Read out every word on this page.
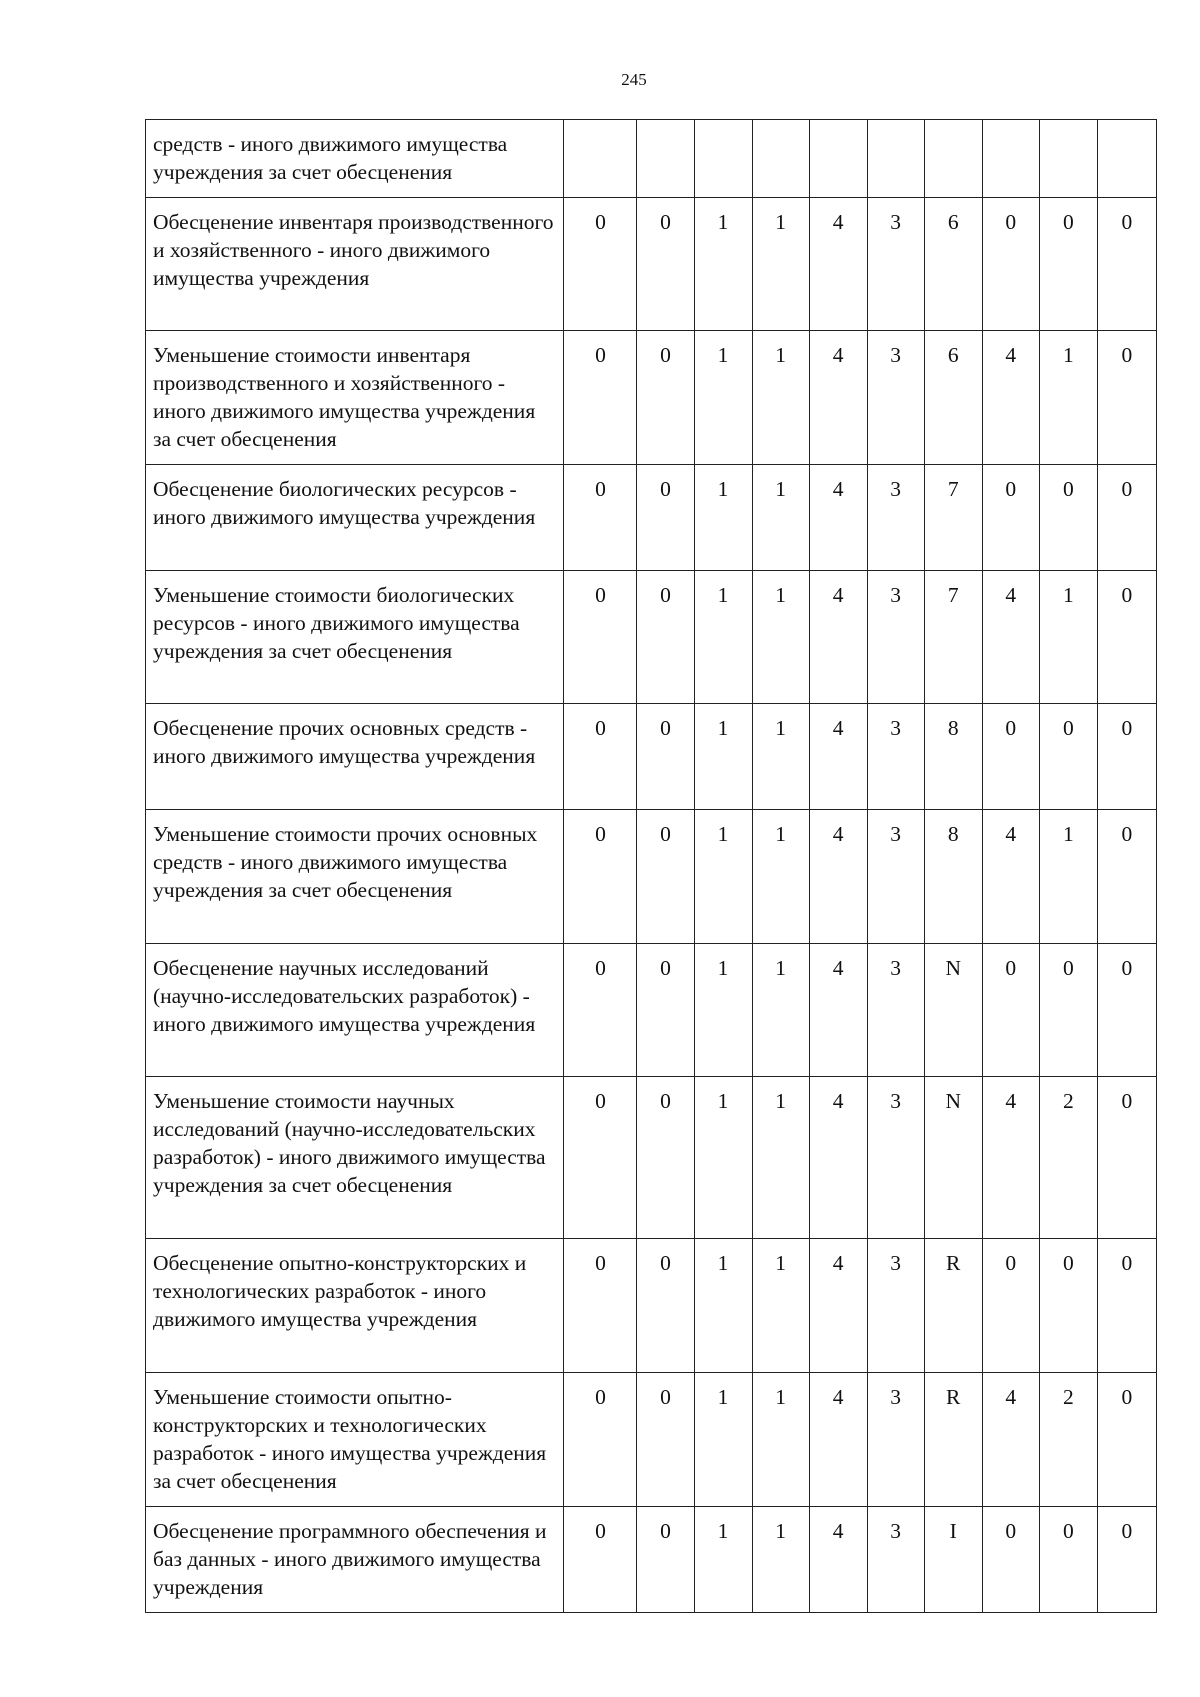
245
средств - иного движимого имущества учреждения за счет обесценения										
Обесценение инвентаря производственного и хозяйственного - иного движимого имущества учреждения	0	0	1	1	4	3	6	0	0	0
Уменьшение стоимости инвентаря производственного и хозяйственного - иного движимого имущества учреждения за счет обесценения	0	0	1	1	4	3	6	4	1	0
Обесценение биологических ресурсов - иного движимого имущества учреждения	0	0	1	1	4	3	7	0	0	0
Уменьшение стоимости биологических ресурсов - иного движимого имущества учреждения за счет обесценения	0	0	1	1	4	3	7	4	1	0
Обесценение прочих основных средств - иного движимого имущества учреждения	0	0	1	1	4	3	8	0	0	0
Уменьшение стоимости прочих основных средств - иного движимого имущества учреждения за счет обесценения	0	0	1	1	4	3	8	4	1	0
Обесценение научных исследований (научно-исследовательских разработок) - иного движимого имущества учреждения	0	0	1	1	4	3	N	0	0	0
Уменьшение стоимости научных исследований (научно-исследовательских разработок) - иного движимого имущества учреждения за счет обесценения	0	0	1	1	4	3	N	4	2	0
Обесценение опытно-конструкторских и технологических разработок - иного движимого имущества учреждения	0	0	1	1	4	3	R	0	0	0
Уменьшение стоимости опытно-конструкторских и технологических разработок - иного имущества учреждения за счет обесценения	0	0	1	1	4	3	R	4	2	0
Обесценение программного обеспечения и баз данных - иного движимого имущества учреждения	0	0	1	1	4	3	I	0	0	0
